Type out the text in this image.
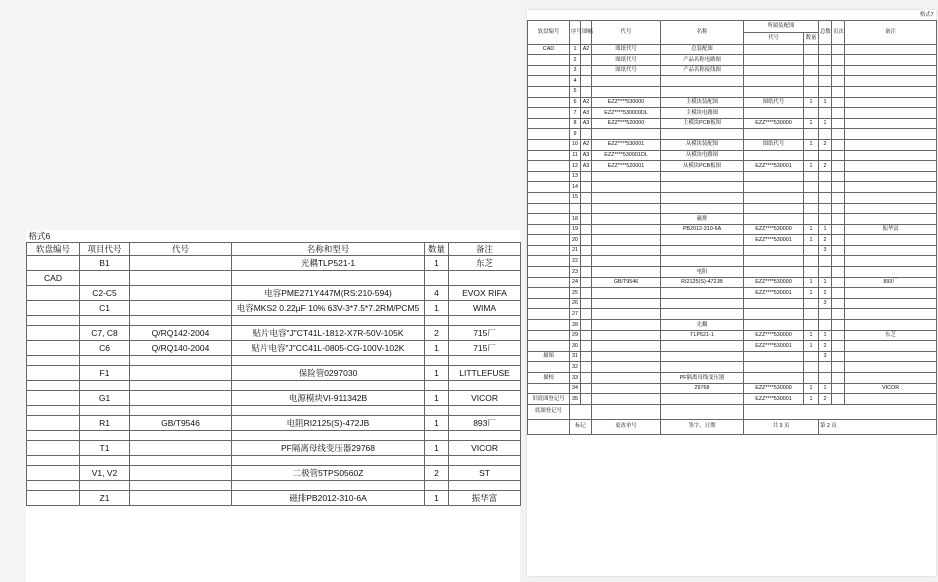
格式6					
软盘编号	项目代号	代号	名称和型号	数量	备注
	B1		光耦TLP521-1	1	东芝
CAD					
	C2-C5		电容PME271Y447M(RS:210-594)	4	EVOX RIFA
	C1		电容MKS2 0.22μF 10% 63V-3*7.5*7.2RM/PCM5	1	WIMA

	C7, C8	Q/RQ142-2004	贴片电容"J"CT41L-1812-X7R-50V-105K	2	715厂
	C6	Q/RQ140-2004	贴片电容"J"CC41L-0805-CG-100V-102K	1	715厂

	F1		保险管0297030	1	LITTLEFUSE

	G1		电源模块VI-911342B	1	VICOR

	R1	GB/T9546	电阻RI2125(S)-472JB	1	893厂

	T1		PF隔离母线变压器29768	1	VICOR

	V1, V2		二极管5TPS0560Z	2	ST

	Z1		磁排PB2012-310-6A	1	振华富
格式7									
软盘编号	序号	图幅	代号	名称	所属装配图		总数	页次	备注
					代号	数量			
CAD	1	A2	图纸代号	总装配图					
	2		图纸代号	产品名称电路图					
	3		图纸代号	产品名称接线图					
	4								
	5								
	6	A2	EZZ****530000	主模块装配图	图纸代号	1	1		
	7	A3	EZZ****530000DL	主模块电路图					
	8	A3	EZZ****520000	主模块PCB板图	EZZ****530000	1	1		
	9								
	10	A2	EZZ****530001	从模块装配图	图纸代号	1	2		
	11	A3	EZZ****530001DL	从模块电路图					
	12	A3	EZZ****520001	从模块PCB板图	EZZ****530001	1	2		
	13								
	14								
	15								

	18			磁排					
	19			PB2012-310-6A	EZZ****530000	1	1		振华富
	20				EZZ****530001	1	2		
	21						3		
	22								
	23			电阻					
	24		GB/T9546	RI2125(S)-472JB	EZZ****530000	1	1		893厂
	25				EZZ****530001	1	2		
	26						3		
	27								
	28			光耦					
	29			TLP521-1	EZZ****530000	1	1		东芝
	30				EZZ****530001	1	2		
描图	31						3		
	32								
描校	33			PF隔离母线变压器					
	34			29768	EZZ****530000	1	1		VICOR
旧底图登记号	35				EZZ****530001	1	2		
底图登记号									
	标记		更改单号	签字、日期	共 3 页		第 2 页		
